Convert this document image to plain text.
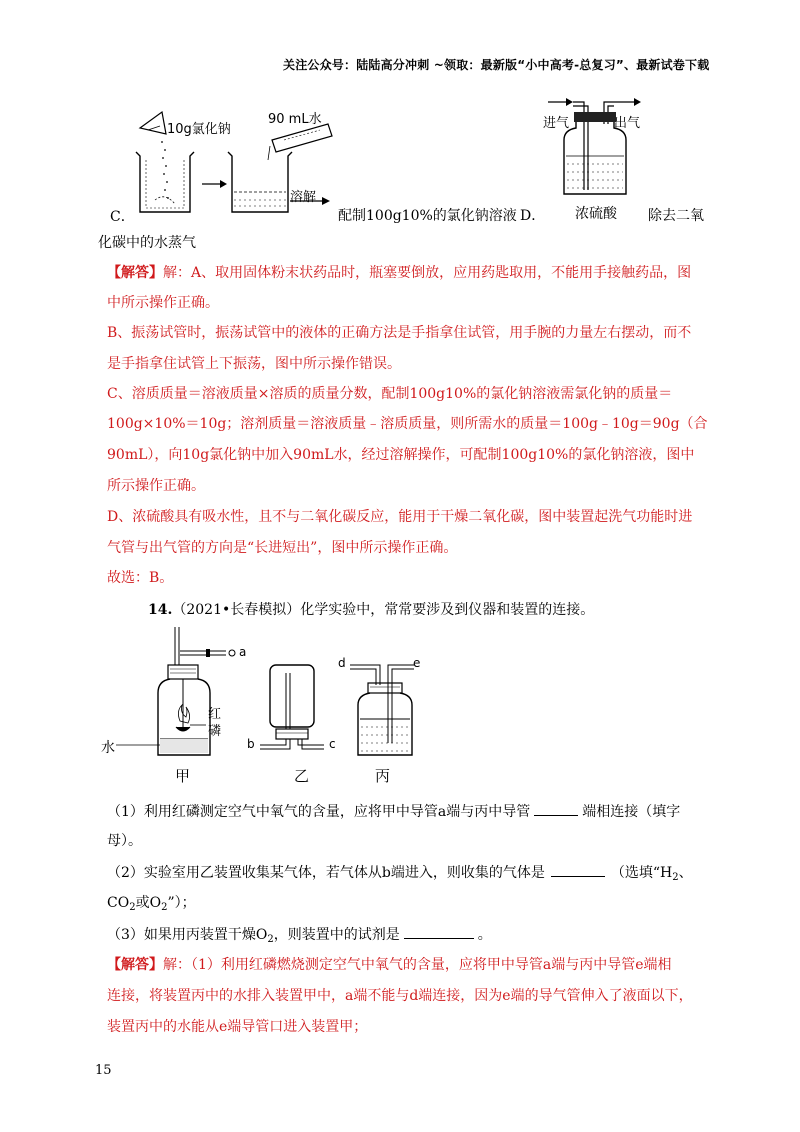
关注公众号：陆陆高分冲刺 ~领取：最新版“小中高考-总复习”、最新试卷下载
10g氯化钠
90 mL水
溶解
C．	配制100g10%的氯化钠溶液 D．
进气	出气
浓硫酸 除去二氧
化碳中的水蒸气
【解答】解：A、取用固体粉末状药品时，瓶塞要倒放，应用药匙取用，不能用手接触药品，图
中所示操作正确。
B、振荡试管时，振荡试管中的液体的正确方法是手指拿住试管，用手腕的力量左右摆动，而不
是手指拿住试管上下振荡，图中所示操作错误。
C、溶质质量＝溶液质量×溶质的质量分数，配制100g10%的氯化钠溶液需氯化钠的质量＝
100g×10%＝10g；溶剂质量＝溶液质量﹣溶质质量，则所需水的质量＝100g﹣10g＝90g（合
90mL），向10g氯化钠中加入90mL水，经过溶解操作，可配制100g10%的氯化钠溶液，图中
所示操作正确。
D、浓硫酸具有吸水性，且不与二氧化碳反应，能用于干燥二氧化碳，图中装置起洗气功能时进
气管与出气管的方向是“长进短出”，图中所示操作正确。
故选：B。
14.（2021•长春模拟）化学实验中，常常要涉及到仪器和装置的连接。
a
b	c
d	e
红
磷
水
甲	乙	丙
（1）利用红磷测定空气中氧气的含量，应将甲中导管a端与丙中导管	端相连接（填字
母）。
（2）实验室用乙装置收集某气体，若气体从b端进入，则收集的气体是	（选填“$H_2$、
$CO_2$或$O_2$”）；
（3）如果用丙装置干燥$O_2$，则装置中的试剂是	。
【解答】解：（1）利用红磷燃烧测定空气中氧气的含量，应将甲中导管a端与丙中导管e端相
连接，将装置丙中的水排入装置甲中，a端不能与d端连接，因为e端的导气管伸入了液面以下，
装置丙中的水能从e端导管口进入装置甲；
15
